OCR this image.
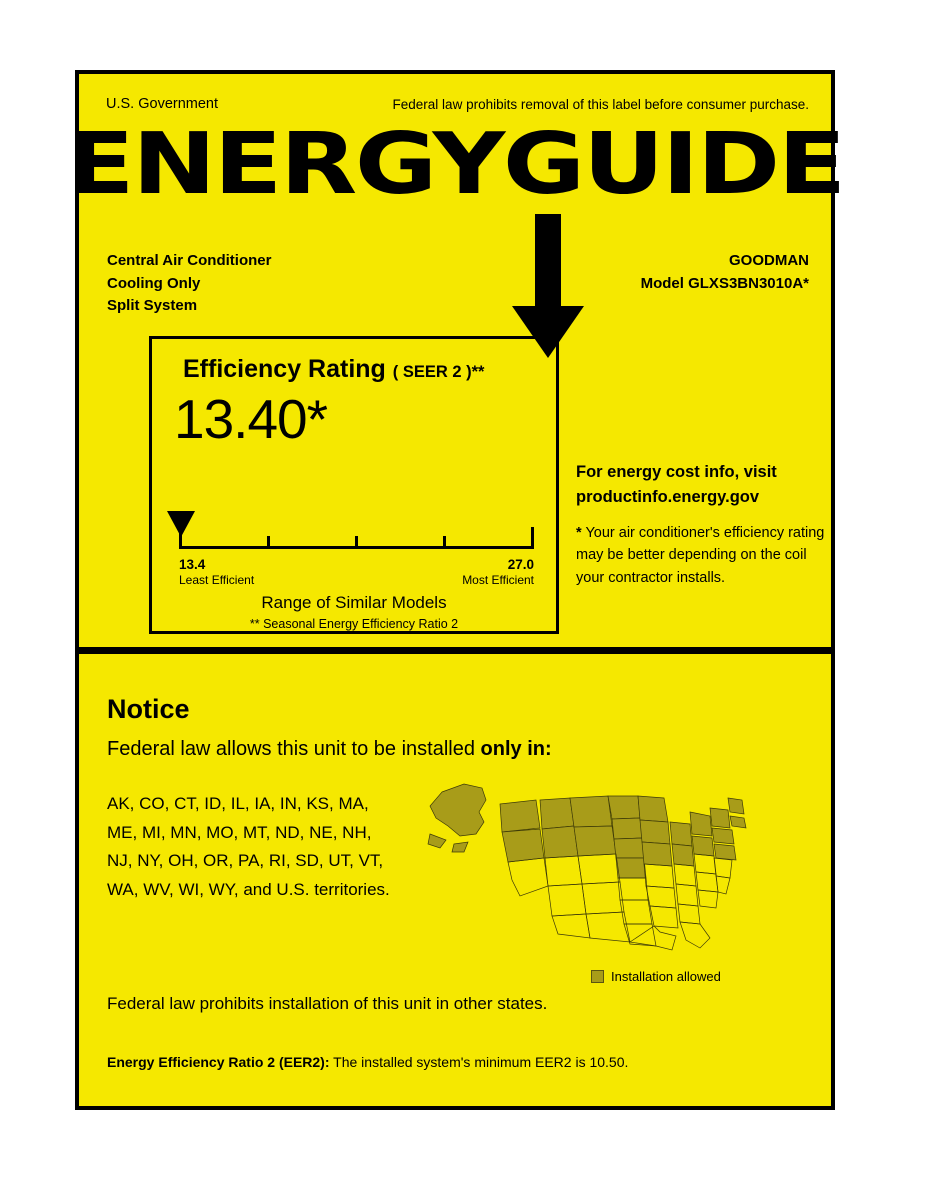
U.S. Government	Federal law prohibits removal of this label before consumer purchase.
ENERGYGUIDE
Central Air Conditioner
Cooling Only
Split System
GOODMAN
Model GLXS3BN3010A*
Efficiency Rating ( SEER 2 )**
13.40*
13.4	27.0
Least Efficient	Most Efficient
Range of Similar Models
** Seasonal Energy Efficiency Ratio 2
For energy cost info, visit
productinfo.energy.gov
* Your air conditioner's efficiency rating may be better depending on the coil your contractor installs.
Notice
Federal law allows this unit to be installed only in:
AK, CO, CT, ID, IL, IA, IN, KS, MA,
ME, MI, MN, MO, MT, ND, NE, NH,
NJ, NY, OH, OR, PA, RI, SD, UT, VT,
WA, WV, WI, WY, and U.S. territories.
Installation allowed
Federal law prohibits installation of this unit in other states.
Energy Efficiency Ratio 2 (EER2): The installed system's minimum EER2 is 10.50.
